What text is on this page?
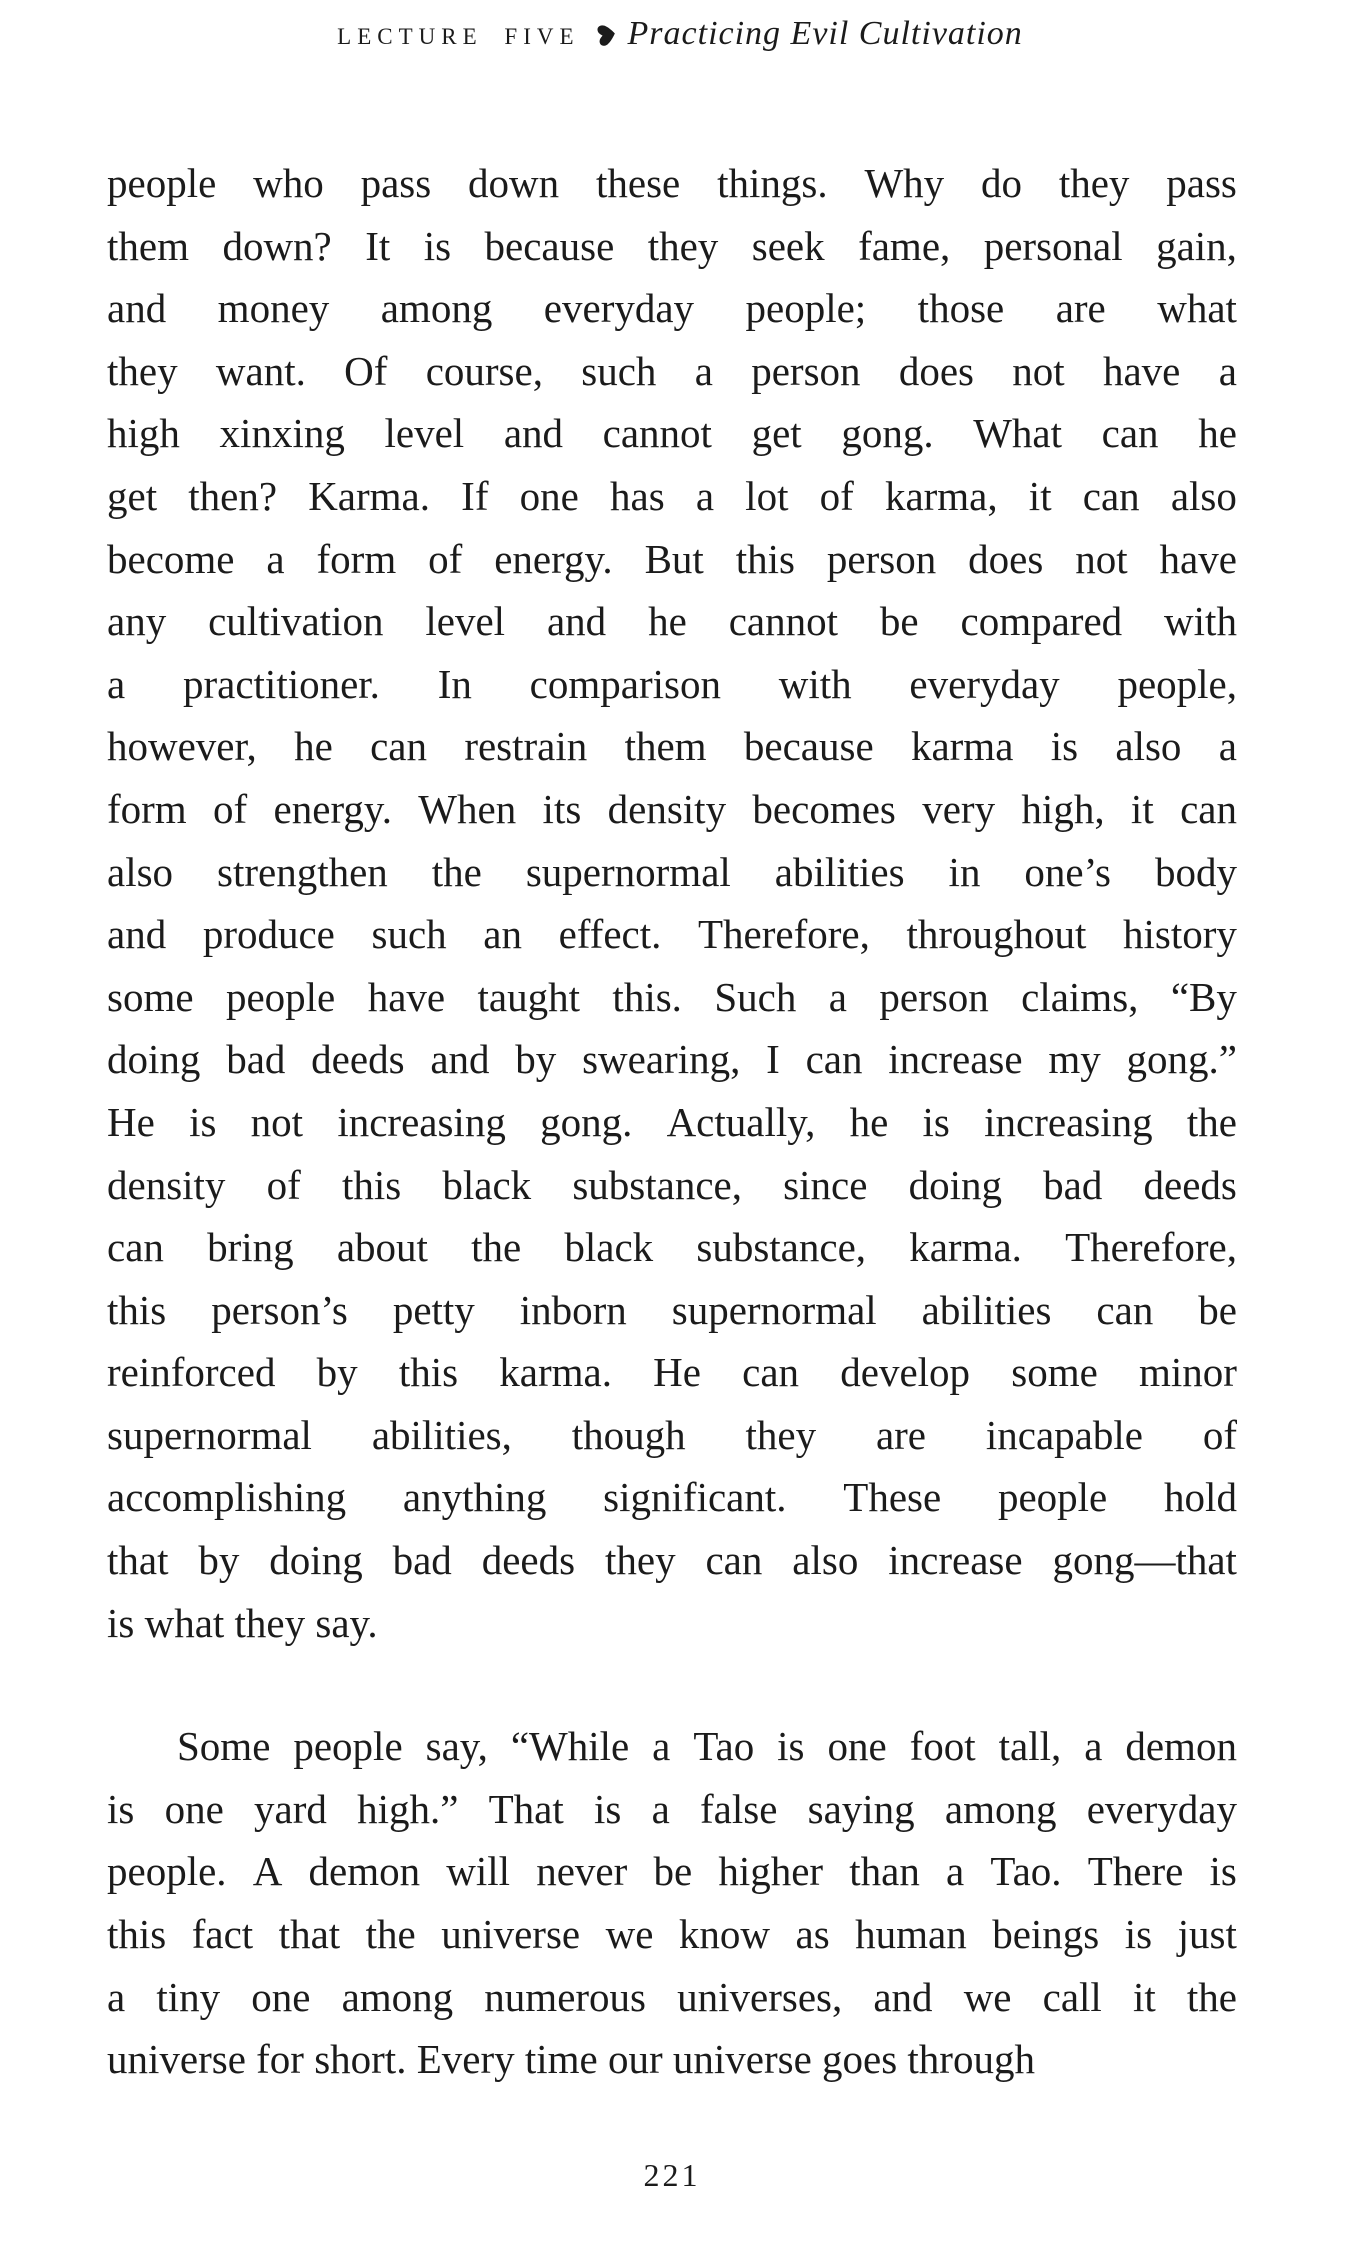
LECTURE FIVE Practicing Evil Cultivation
people who pass down these things. Why do they pass
them down? It is because they seek fame, personal gain,
and money among everyday people; those are what
they want. Of course, such a person does not have a
high xinxing level and cannot get gong. What can he
get then? Karma. If one has a lot of karma, it can also
become a form of energy. But this person does not have
any cultivation level and he cannot be compared with
a practitioner. In comparison with everyday people,
however, he can restrain them because karma is also a
form of energy. When its density becomes very high, it can
also strengthen the supernormal abilities in one’s body
and produce such an effect. Therefore, throughout history
some people have taught this. Such a person claims, “By
doing bad deeds and by swearing, I can increase my gong.”
He is not increasing gong. Actually, he is increasing the
density of this black substance, since doing bad deeds
can bring about the black substance, karma. Therefore,
this person’s petty inborn supernormal abilities can be
reinforced by this karma. He can develop some minor
supernormal abilities, though they are incapable of
accomplishing anything significant. These people hold
that by doing bad deeds they can also increase gong—that
is what they say.
Some people say, “While a Tao is one foot tall, a demon
is one yard high.” That is a false saying among everyday
people. A demon will never be higher than a Tao. There is
this fact that the universe we know as human beings is just
a tiny one among numerous universes, and we call it the
universe for short. Every time our universe goes through
221
